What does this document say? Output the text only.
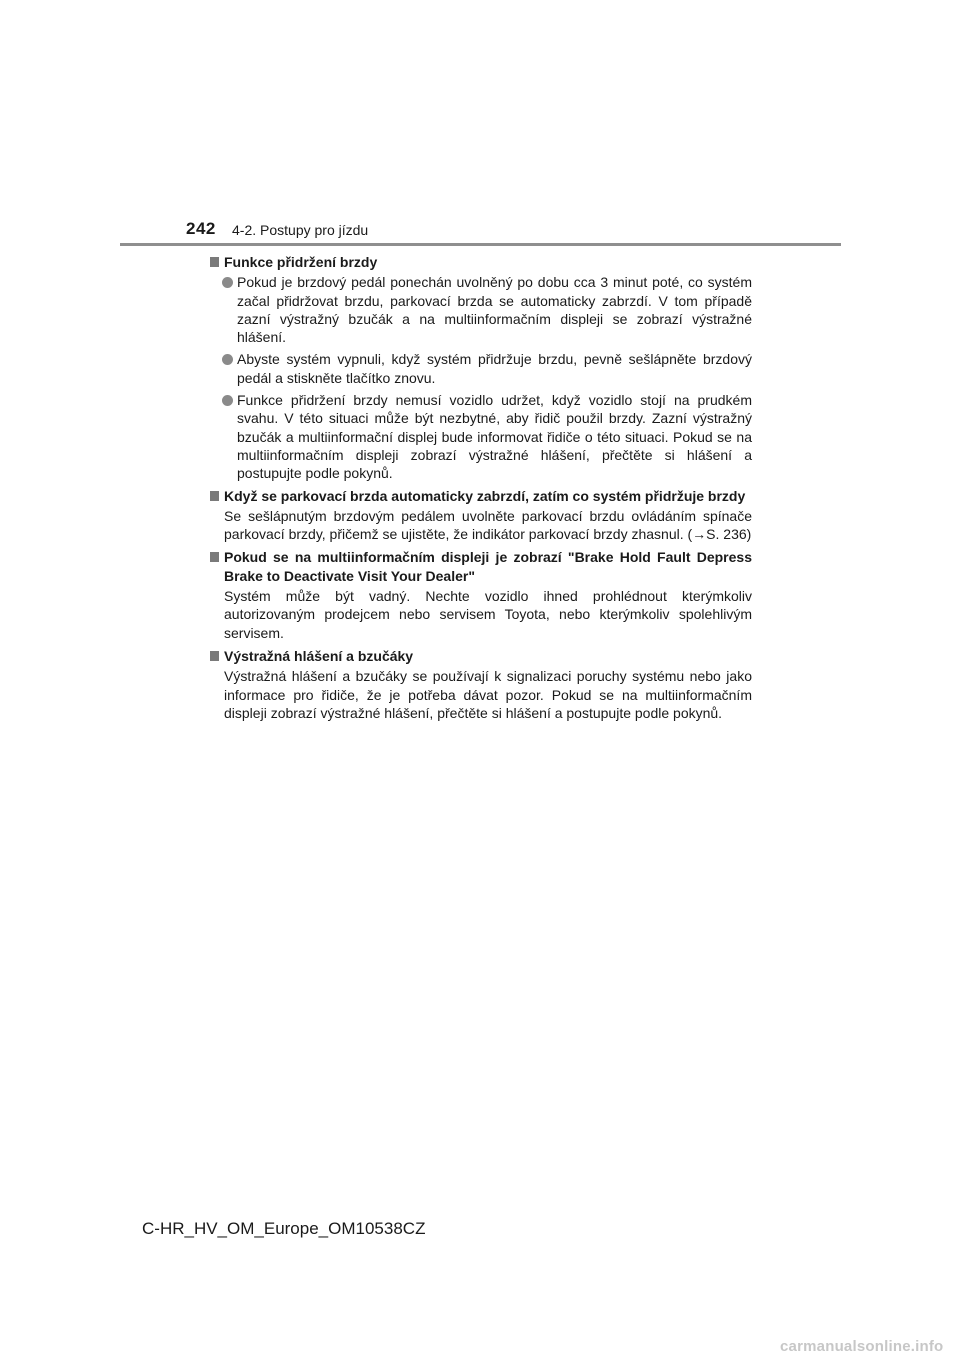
242 4-2. Postupy pro jízdu
Funkce přidržení brzdy
Pokud je brzdový pedál ponechán uvolněný po dobu cca 3 minut poté, co systém začal přidržovat brzdu, parkovací brzda se automaticky zabrzdí. V tom případě zazní výstražný bzučák a na multiinformačním displeji se zobrazí výstražné hlášení.
Abyste systém vypnuli, když systém přidržuje brzdu, pevně sešlápněte brzdový pedál a stiskněte tlačítko znovu.
Funkce přidržení brzdy nemusí vozidlo udržet, když vozidlo stojí na prudkém svahu. V této situaci může být nezbytné, aby řidič použil brzdy. Zazní výstražný bzučák a multiinformační displej bude informovat řidiče o této situaci. Pokud se na multiinformačním displeji zobrazí výstražné hlášení, přečtěte si hlášení a postupujte podle pokynů.
Když se parkovací brzda automaticky zabrzdí, zatím co systém přidržuje brzdy
Se sešlápnutým brzdovým pedálem uvolněte parkovací brzdu ovládáním spínače parkovací brzdy, přičemž se ujistěte, že indikátor parkovací brzdy zhasnul. (→S. 236)
Pokud se na multiinformačním displeji je zobrazí "Brake Hold Fault Depress Brake to Deactivate Visit Your Dealer"
Systém může být vadný. Nechte vozidlo ihned prohlédnout kterýmkoliv autorizovaným prodejcem nebo servisem Toyota, nebo kterýmkoliv spolehlivým servisem.
Výstražná hlášení a bzučáky
Výstražná hlášení a bzučáky se používají k signalizaci poruchy systému nebo jako informace pro řidiče, že je potřeba dávat pozor. Pokud se na multiinformačním displeji zobrazí výstražné hlášení, přečtěte si hlášení a postupujte podle pokynů.
C-HR_HV_OM_Europe_OM10538CZ
carmanualsonline.info
